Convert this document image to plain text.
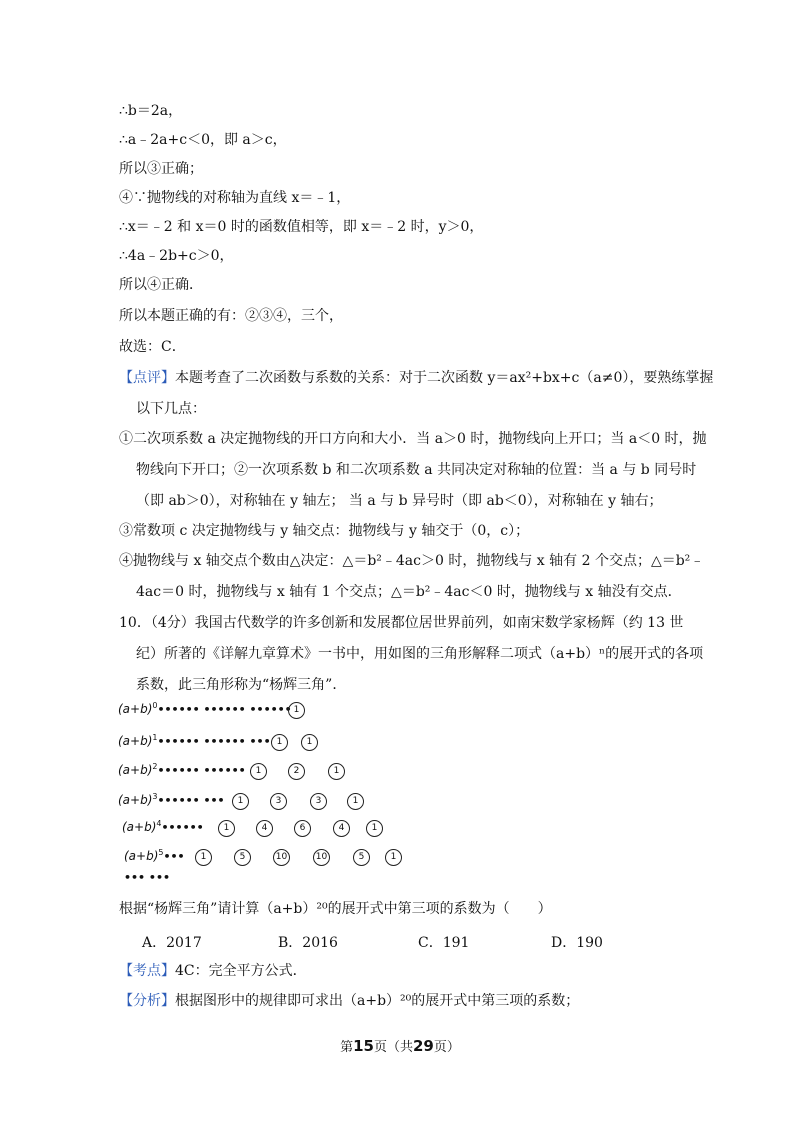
∴b＝2a，
∴a﹣2a+c＜0，即 a＞c，
所以③正确；
④∵抛物线的对称轴为直线 x＝﹣1，
∴x＝﹣2 和 x＝0 时的函数值相等，即 x＝﹣2 时，y＞0，
∴4a﹣2b+c＞0，
所以④正确．
所以本题正确的有：②③④，三个，
故选：C．
【点评】本题考查了二次函数与系数的关系：对于二次函数 y＝ax²+bx+c（a≠0），要熟练掌握
以下几点：
①二次项系数 a 决定抛物线的开口方向和大小．当 a＞0 时，抛物线向上开口；当 a＜0 时，抛
物线向下开口；②一次项系数 b 和二次项系数 a 共同决定对称轴的位置：当 a 与 b 同号时
（即 ab＞0），对称轴在 y 轴左； 当 a 与 b 异号时（即 ab＜0），对称轴在 y 轴右；
③常数项 c 决定抛物线与 y 轴交点：抛物线与 y 轴交于（0，c）；
④抛物线与 x 轴交点个数由△决定：△＝b²﹣4ac＞0 时，抛物线与 x 轴有 2 个交点；△＝b²﹣
4ac＝0 时，抛物线与 x 轴有 1 个交点；△＝b²﹣4ac＜0 时，抛物线与 x 轴没有交点．
10．（4分）我国古代数学的许多创新和发展都位居世界前列，如南宋数学家杨辉（约 13 世
纪）所著的《详解九章算术》一书中，用如图的三角形解释二项式（a+b）ⁿ的展开式的各项
系数，此三角形称为“杨辉三角”．
$(a+b)^0••••••$ •••••• •••••• 1
$(a+b)^1••••••$ •••••• ••• 1	1
$(a+b)^2••••••$ ••••••	1	2	1
$(a+b)^3••••••$ •••	1	3	3	1
$(a+b)^4••••••$	1	4	6	4	1
$(a+b)^5•••$	1	5	10	10	5	1
••• •••
根据“杨辉三角”请计算（a+b）²⁰的展开式中第三项的系数为（　　）
A．2017	B．2016	C．191	D．190
【考点】4C：完全平方公式．
【分析】根据图形中的规律即可求出（a+b）²⁰的展开式中第三项的系数；
第15页（共29页）
